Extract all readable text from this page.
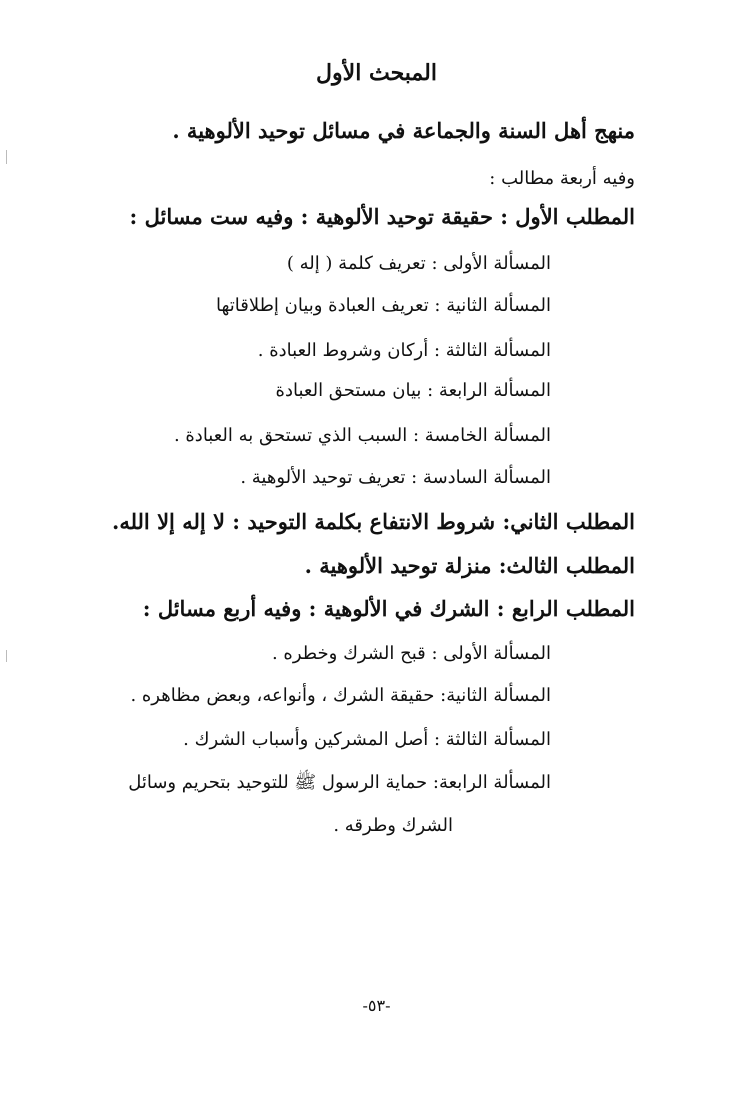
المبحث الأول
منهج أهل السنة والجماعة في مسائل توحيد الألوهية .
وفيه أربعة مطالب :
المطلب الأول : حقيقة توحيد الألوهية : وفيه ست مسائل :
المسألة الأولى : تعريف كلمة ( إله )
المسألة الثانية : تعريف العبادة وبيان إطلاقاتها
المسألة الثالثة : أركان وشروط العبادة .
المسألة الرابعة : بيان مستحق العبادة
المسألة الخامسة : السبب الذي تستحق به العبادة .
المسألة السادسة : تعريف توحيد الألوهية .
المطلب الثاني: شروط الانتفاع بكلمة التوحيد : لا إله إلا الله.
المطلب الثالث: منزلة توحيد الألوهية .
المطلب الرابع : الشرك في الألوهية : وفيه أربع مسائل :
المسألة الأولى : قبح الشرك وخطره .
المسألة الثانية: حقيقة الشرك ، وأنواعه، وبعض مظاهره .
المسألة الثالثة : أصل المشركين وأسباب الشرك .
المسألة الرابعة: حماية الرسول ﷺ للتوحيد بتحريم وسائل
الشرك وطرقه .
-٥٣-
